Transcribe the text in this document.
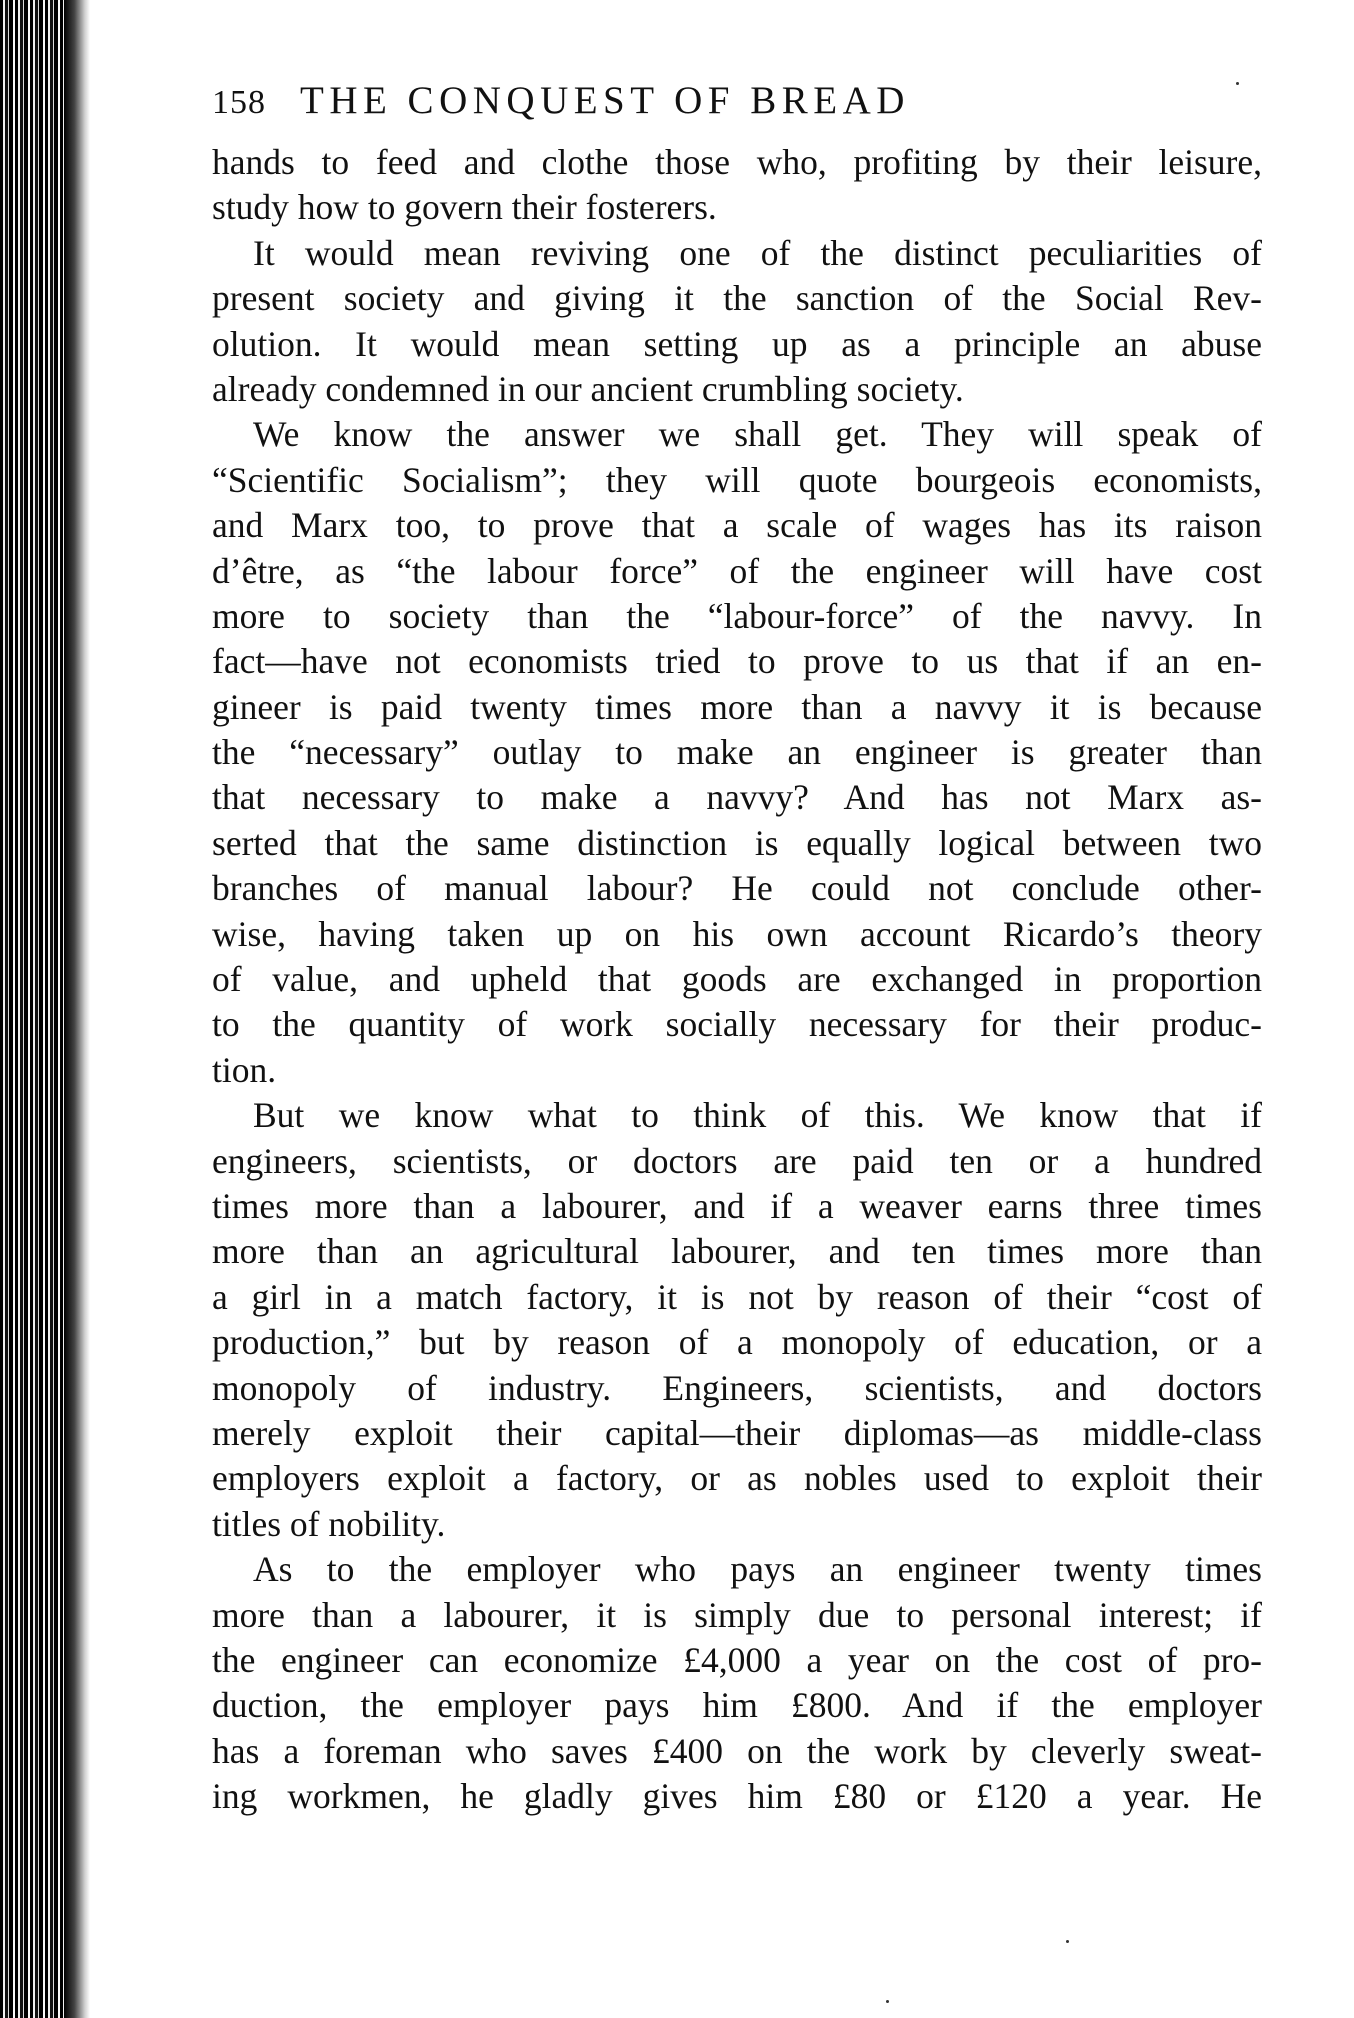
158 THE CONQUEST OF BREAD
hands to feed and clothe those who, profiting by their leisure,
study how to govern their fosterers.
It would mean reviving one of the distinct peculiarities of
present society and giving it the sanction of the Social Rev-
olution. It would mean setting up as a principle an abuse
already condemned in our ancient crumbling society.
We know the answer we shall get. They will speak of
“Scientific Socialism”; they will quote bourgeois economists,
and Marx too, to prove that a scale of wages has its raison
d’être, as “the labour force” of the engineer will have cost
more to society than the “labour-force” of the navvy. In
fact—have not economists tried to prove to us that if an en-
gineer is paid twenty times more than a navvy it is because
the “necessary” outlay to make an engineer is greater than
that necessary to make a navvy? And has not Marx as-
serted that the same distinction is equally logical between two
branches of manual labour? He could not conclude other-
wise, having taken up on his own account Ricardo’s theory
of value, and upheld that goods are exchanged in proportion
to the quantity of work socially necessary for their produc-
tion.
But we know what to think of this. We know that if
engineers, scientists, or doctors are paid ten or a hundred
times more than a labourer, and if a weaver earns three times
more than an agricultural labourer, and ten times more than
a girl in a match factory, it is not by reason of their “cost of
production,” but by reason of a monopoly of education, or a
monopoly of industry. Engineers, scientists, and doctors
merely exploit their capital—their diplomas—as middle-class
employers exploit a factory, or as nobles used to exploit their
titles of nobility.
As to the employer who pays an engineer twenty times
more than a labourer, it is simply due to personal interest; if
the engineer can economize £4,000 a year on the cost of pro-
duction, the employer pays him £800. And if the employer
has a foreman who saves £400 on the work by cleverly sweat-
ing workmen, he gladly gives him £80 or £120 a year. He
